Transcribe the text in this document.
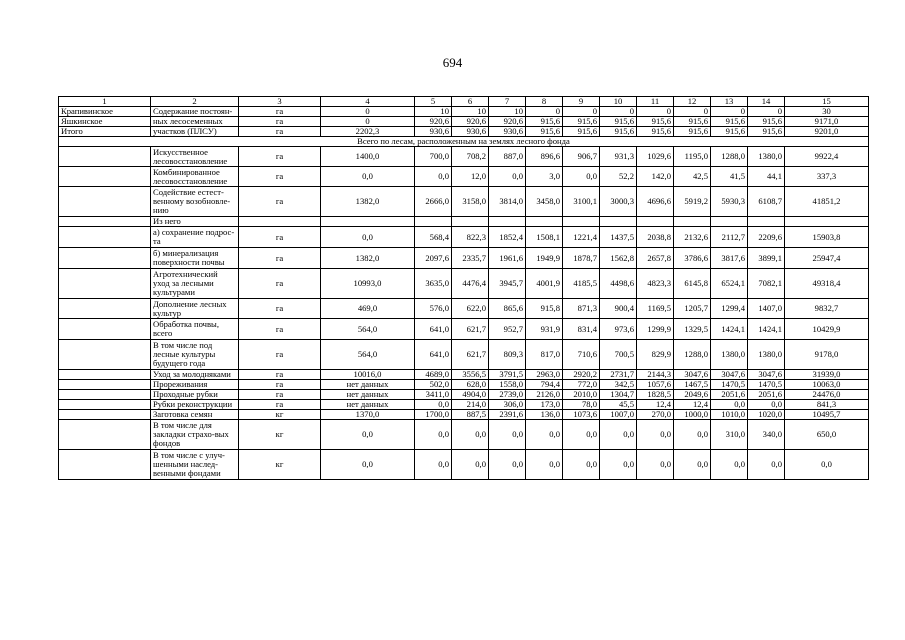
694
1	2	3	4	5	6	7	8	9	10	11	12	13	14	15
Крапивинское	Содержание постоян-	га	0	10	10	10	0	0	0	0	0	0	0	30
Яшкинское	ных лесосеменных	га	0	920,6	920,6	920,6	915,6	915,6	915,6	915,6	915,6	915,6	915,6	9171,0
Итого	участков (ПЛСУ)	га	2202,3	930,6	930,6	930,6	915,6	915,6	915,6	915,6	915,6	915,6	915,6	9201,0
Всего по лесам, расположенным на землях лесного фонда														
	Искусственное лесовосстановление	га	1400,0	700,0	708,2	887,0	896,6	906,7	931,3	1029,6	1195,0	1288,0	1380,0	9922,4
	Комбинированное лесовосстановление	га	0,0	0,0	12,0	0,0	3,0	0,0	52,2	142,0	42,5	41,5	44,1	337,3
	Содействие естест-венному возобновле-нию	га	1382,0	2666,0	3158,0	3814,0	3458,0	3100,1	3000,3	4696,6	5919,2	5930,3	6108,7	41851,2
	Из него													
	а) сохранение подрос-та	га	0,0	568,4	822,3	1852,4	1508,1	1221,4	1437,5	2038,8	2132,6	2112,7	2209,6	15903,8
	б) минерализация поверхности почвы	га	1382,0	2097,6	2335,7	1961,6	1949,9	1878,7	1562,8	2657,8	3786,6	3817,6	3899,1	25947,4
	Агротехнический уход за лесными культурами	га	10993,0	3635,0	4476,4	3945,7	4001,9	4185,5	4498,6	4823,3	6145,8	6524,1	7082,1	49318,4
	Дополнение лесных культур	га	469,0	576,0	622,0	865,6	915,8	871,3	900,4	1169,5	1205,7	1299,4	1407,0	9832,7
	Обработка почвы, всего	га	564,0	641,0	621,7	952,7	931,9	831,4	973,6	1299,9	1329,5	1424,1	1424,1	10429,9
	В том числе под лесные культуры будущего года	га	564,0	641,0	621,7	809,3	817,0	710,6	700,5	829,9	1288,0	1380,0	1380,0	9178,0
	Уход за молодняками	га	10016,0	4689,0	3556,5	3791,5	2963,0	2920,2	2731,7	2144,3	3047,6	3047,6	3047,6	31939,0
	Прореживания	га	нет данных	502,0	628,0	1558,0	794,4	772,0	342,5	1057,6	1467,5	1470,5	1470,5	10063,0
	Проходные рубки	га	нет данных	3411,0	4904,0	2739,0	2126,0	2010,0	1304,7	1828,5	2049,6	2051,6	2051,6	24476,0
	Рубки реконструкции	га	нет данных	0,0	214,0	306,0	173,0	78,0	45,5	12,4	12,4	0,0	0,0	841,3
	Заготовка семян	кг	1370,0	1700,0	887,5	2391,6	136,0	1073,6	1007,0	270,0	1000,0	1010,0	1020,0	10495,7
	В том числе для закладки страхо-вых фондов	кг	0,0	0,0	0,0	0,0	0,0	0,0	0,0	0,0	0,0	310,0	340,0	650,0
	В том числе с улуч-шенными наслед-венными фондами	кг	0,0	0,0	0,0	0,0	0,0	0,0	0,0	0,0	0,0	0,0	0,0	0,0
